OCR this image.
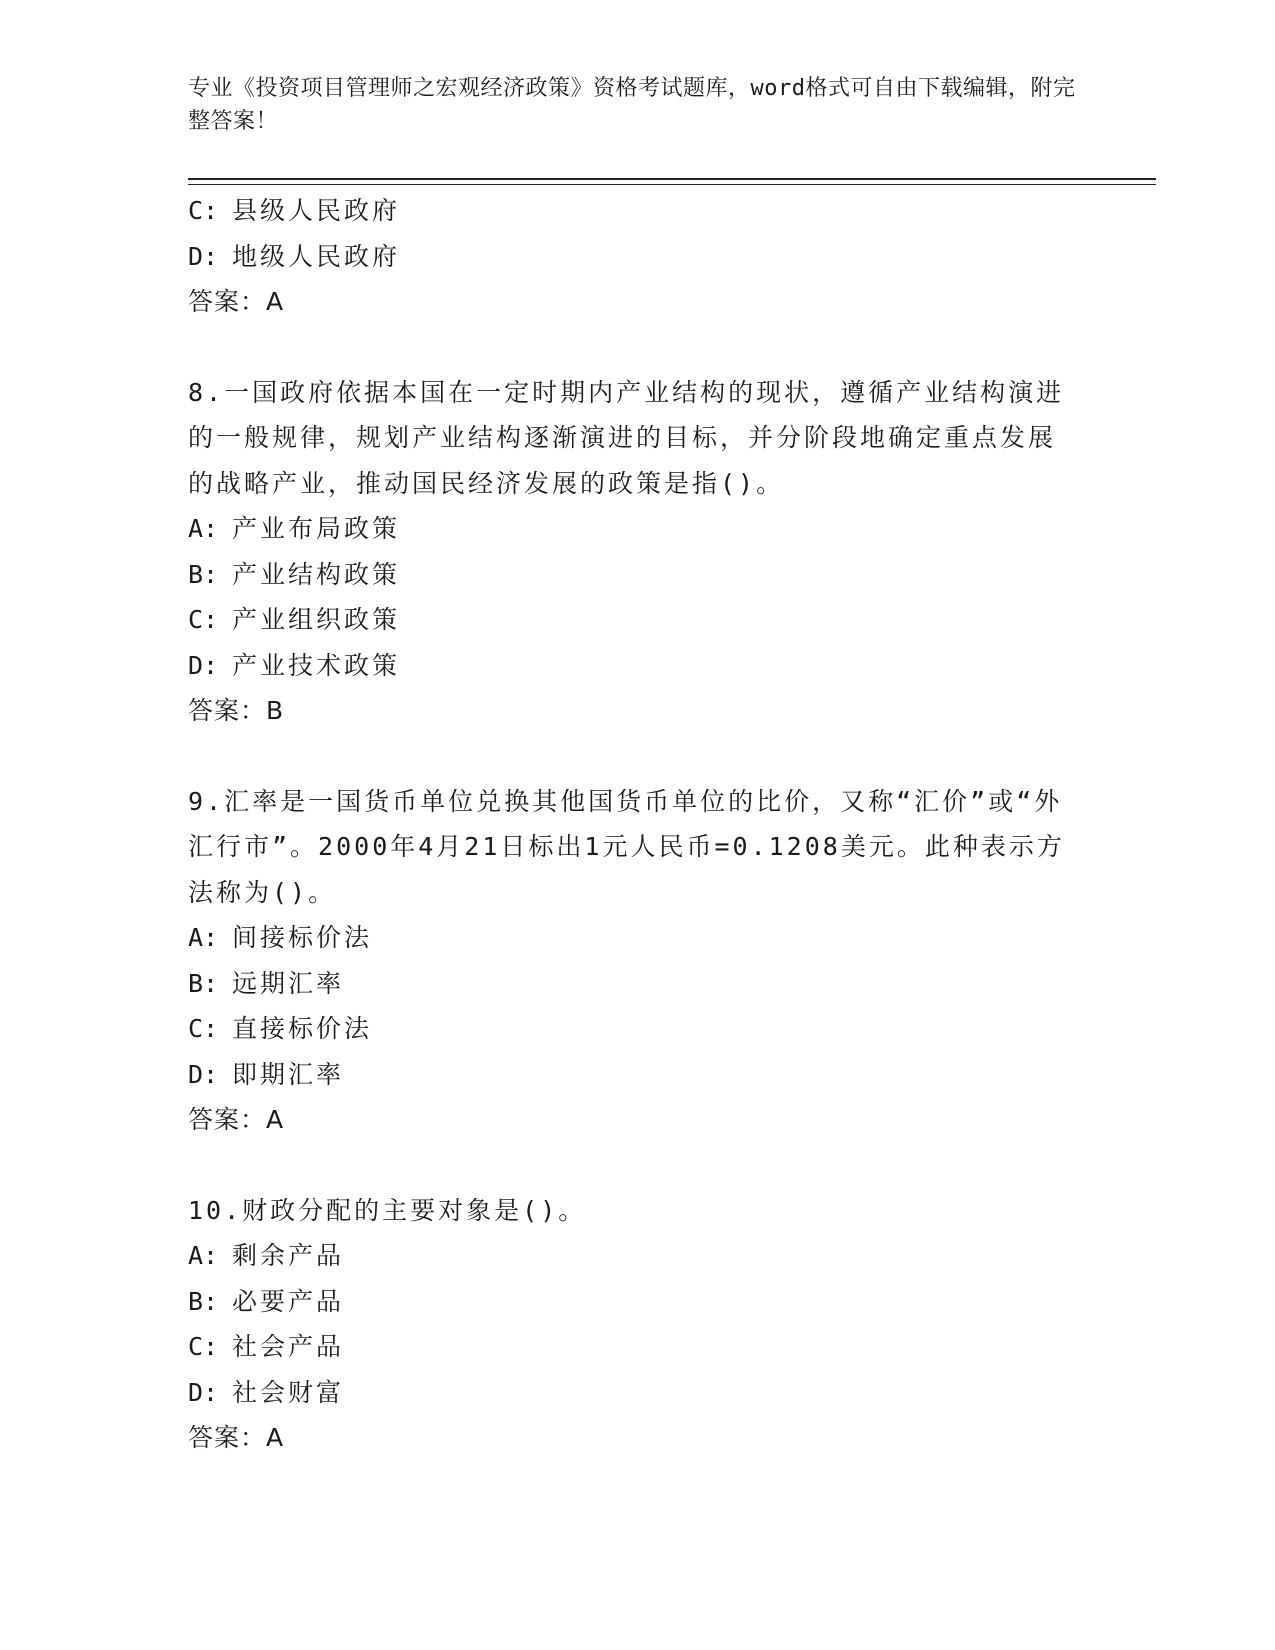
专业《投资项目管理师之宏观经济政策》资格考试题库，word格式可自由下载编辑，附完整答案！
C: 县级人民政府
D: 地级人民政府
答案：A
8.一国政府依据本国在一定时期内产业结构的现状，遵循产业结构演进的一般规律，规划产业结构逐渐演进的目标，并分阶段地确定重点发展的战略产业，推动国民经济发展的政策是指()。
A: 产业布局政策
B: 产业结构政策
C: 产业组织政策
D: 产业技术政策
答案：B
9.汇率是一国货币单位兑换其他国货币单位的比价，又称“汇价”或“外汇行市”。2000年4月21日标出1元人民币=0.1208美元。此种表示方法称为()。
A: 间接标价法
B: 远期汇率
C: 直接标价法
D: 即期汇率
答案：A
10.财政分配的主要对象是()。
A: 剩余产品
B: 必要产品
C: 社会产品
D: 社会财富
答案：A
